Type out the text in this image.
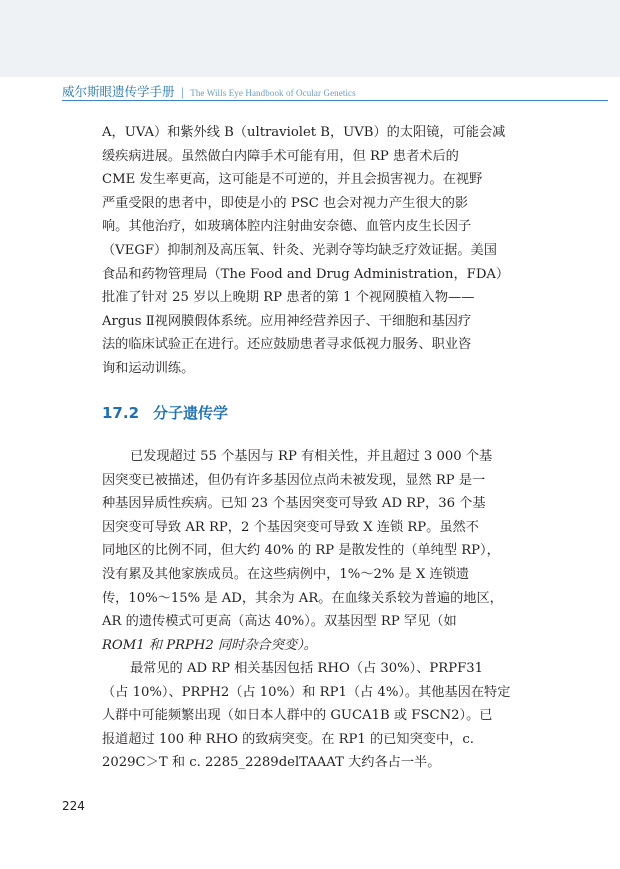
威尔斯眼遗传学手册 | The Wills Eye Handbook of Ocular Genetics
A，UVA）和紫外线 B（ultraviolet B，UVB）的太阳镜，可能会减
缓疾病进展。虽然做白内障手术可能有用，但 RP 患者术后的
CME 发生率更高，这可能是不可逆的，并且会损害视力。在视野
严重受限的患者中，即使是小的 PSC 也会对视力产生很大的影
响。其他治疗，如玻璃体腔内注射曲安奈德、血管内皮生长因子
（VEGF）抑制剂及高压氧、针灸、光剥夺等均缺乏疗效证据。美国
食品和药物管理局（The Food and Drug Administration，FDA）
批准了针对 25 岁以上晚期 RP 患者的第 1 个视网膜植入物——
Argus Ⅱ视网膜假体系统。应用神经营养因子、干细胞和基因疗
法的临床试验正在进行。还应鼓励患者寻求低视力服务、职业咨
询和运动训练。
17.2 分子遗传学
已发现超过 55 个基因与 RP 有相关性，并且超过 3 000 个基
因突变已被描述，但仍有许多基因位点尚未被发现，显然 RP 是一
种基因异质性疾病。已知 23 个基因突变可导致 AD RP，36 个基
因突变可导致 AR RP，2 个基因突变可导致 X 连锁 RP。虽然不
同地区的比例不同，但大约 40% 的 RP 是散发性的（单纯型 RP），
没有累及其他家族成员。在这些病例中，1%～2% 是 X 连锁遗
传，10%～15% 是 AD，其余为 AR。在血缘关系较为普遍的地区，
AR 的遗传模式可更高（高达 40%）。双基因型 RP 罕见（如
ROM1 和 PRPH2 同时杂合突变）。
最常见的 AD RP 相关基因包括 RHO（占 30%）、PRPF31
（占 10%）、PRPH2（占 10%）和 RP1（占 4%）。其他基因在特定
人群中可能频繁出现（如日本人群中的 GUCA1B 或 FSCN2）。已
报道超过 100 种 RHO 的致病突变。在 RP1 的已知突变中，c.
2029C＞T 和 c. 2285_2289delTAAAT 大约各占一半。
224
